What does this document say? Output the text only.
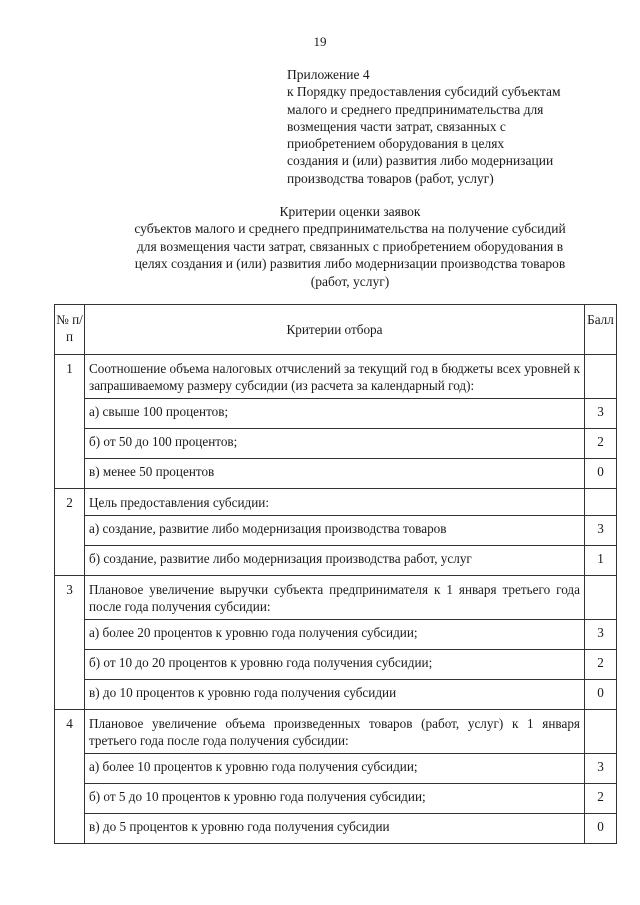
19
Приложение 4
к Порядку предоставления субсидий субъектам
малого и среднего предпринимательства для
возмещения части затрат, связанных с
приобретением оборудования в целях
создания и (или) развития либо модернизации
производства товаров (работ, услуг)
Критерии оценки заявок
субъектов малого и среднего предпринимательства на получение субсидий
для возмещения части затрат, связанных с приобретением оборудования в
целях создания и (или) развития либо модернизации производства товаров
(работ, услуг)
№ п/п	Критерии отбора	Балл
1	Соотношение объема налоговых отчислений за текущий год в бюджеты всех уровней к запрашиваемому размеру субсидии (из расчета за календарный год):	
	а) свыше 100 процентов;	3
	б) от 50 до 100 процентов;	2
	в) менее 50 процентов	0
2	Цель предоставления субсидии:	
	а) создание, развитие либо модернизация производства товаров	3
	б) создание, развитие либо модернизация производства работ, услуг	1
3	Плановое увеличение выручки субъекта предпринимателя к 1 января третьего года после года получения субсидии:	
	а) более 20 процентов к уровню года получения субсидии;	3
	б) от 10 до 20 процентов к уровню года получения субсидии;	2
	в) до 10 процентов к уровню года получения субсидии	0
4	Плановое увеличение объема произведенных товаров (работ, услуг) к 1 января третьего года после года получения субсидии:	
	а) более 10 процентов к уровню года получения субсидии;	3
	б) от 5 до 10 процентов к уровню года получения субсидии;	2
	в) до 5 процентов к уровню года получения субсидии	0
